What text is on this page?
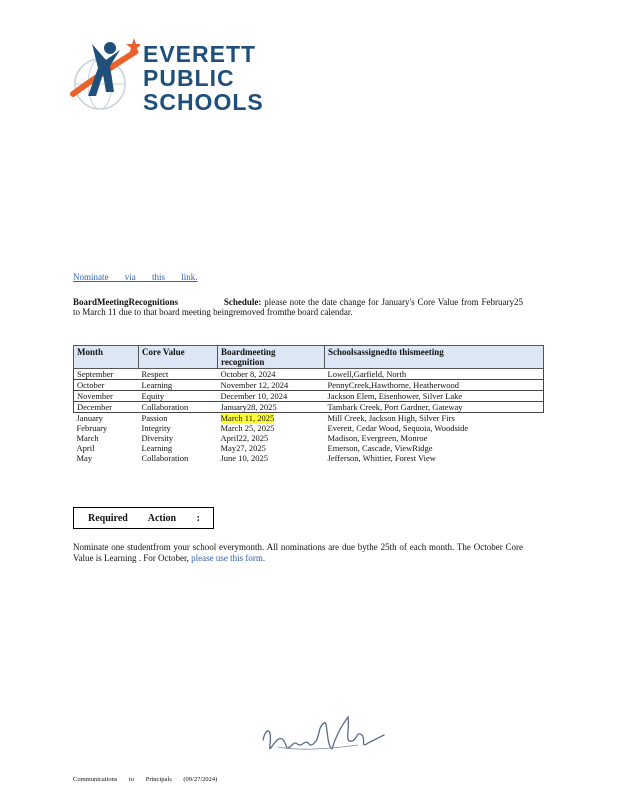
EVERETT
PUBLIC
SCHOOLS
Nominate via this link.
BoardMeetingRecognitions	Schedule: please note the date change for January's Core Value from February25 to March 11 due to that board meeting beingremoved fromthe board calendar.
Month	Core Value	Boardmeeting recognition	Schoolsassignedto thismeeting
September	Respect	October 8, 2024	Lowell,Garfield, North
October	Learning	November 12, 2024	PennyCreek,Hawthorne, Heatherwood
November	Equity	December 10, 2024	Jackson Elem, Eisenhower, Silver Lake
December	Collaboration	January28, 2025	Tambark Creek, Port Gardner, Gateway
January	Passion	March 11, 2025	Mill Creek, Jackson High, Silver Firs
February	Integrity	March 25, 2025	Everett, Cedar Wood, Sequoia, Woodside
March	Diversity	April22, 2025	Madison, Evergreen, Monroe
April	Learning	May27, 2025	Emerson, Cascade, ViewRidge
May	Collaboration	June 10, 2025	Jefferson, Whittier, Forest View
Required Action :
Nominate one studentfrom your school everymonth. All nominations are due bythe 25th of each month. The October Core Value is Learning . For October, please use this form.
Communications to Principals (09/27/2024)
